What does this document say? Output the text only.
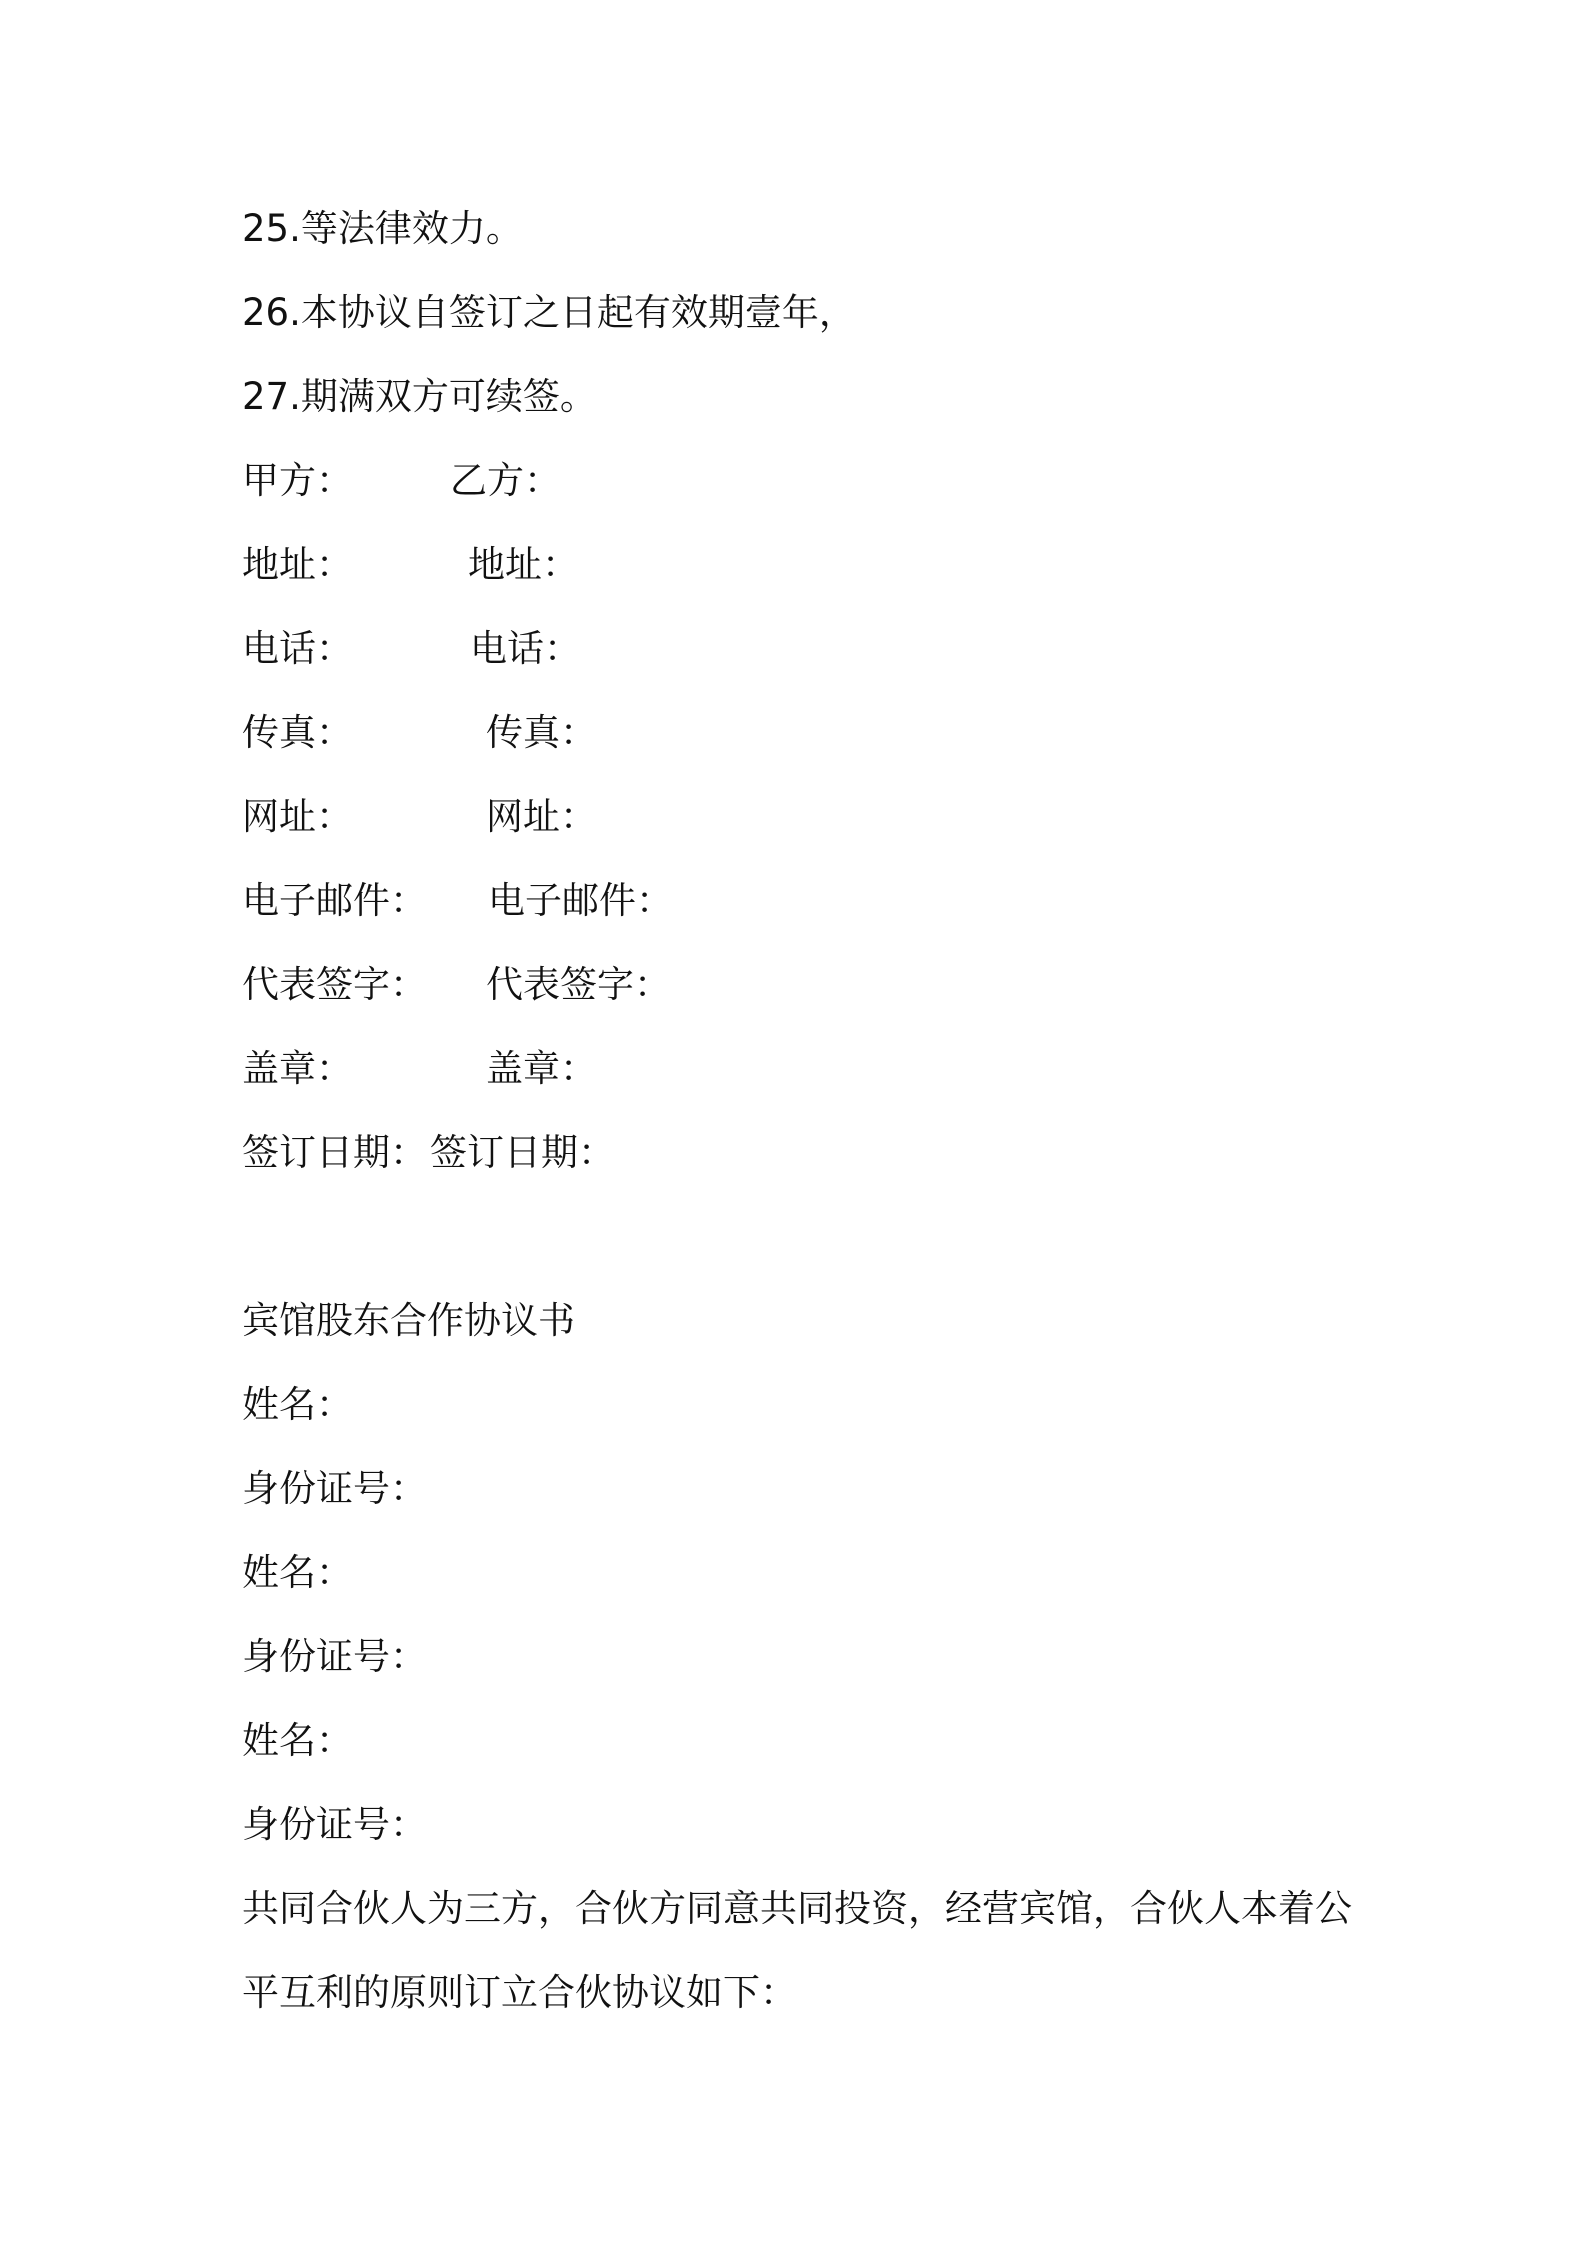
25.等法律效力。
26.本协议自签订之日起有效期壹年，
27.期满双方可续签。
甲方：	乙方：
地址：	地址：
电话：	电话：
传真：	传真：
网址：	网址：
电子邮件： 电子邮件：
代表签字： 代表签字：
盖章：	盖章：
签订日期： 签订日期：
宾馆股东合作协议书
姓名：
身份证号：
姓名：
身份证号：
姓名：
身份证号：
共同合伙人为三方，合伙方同意共同投资，经营宾馆，合伙人本着公
平互利的原则订立合伙协议如下：
